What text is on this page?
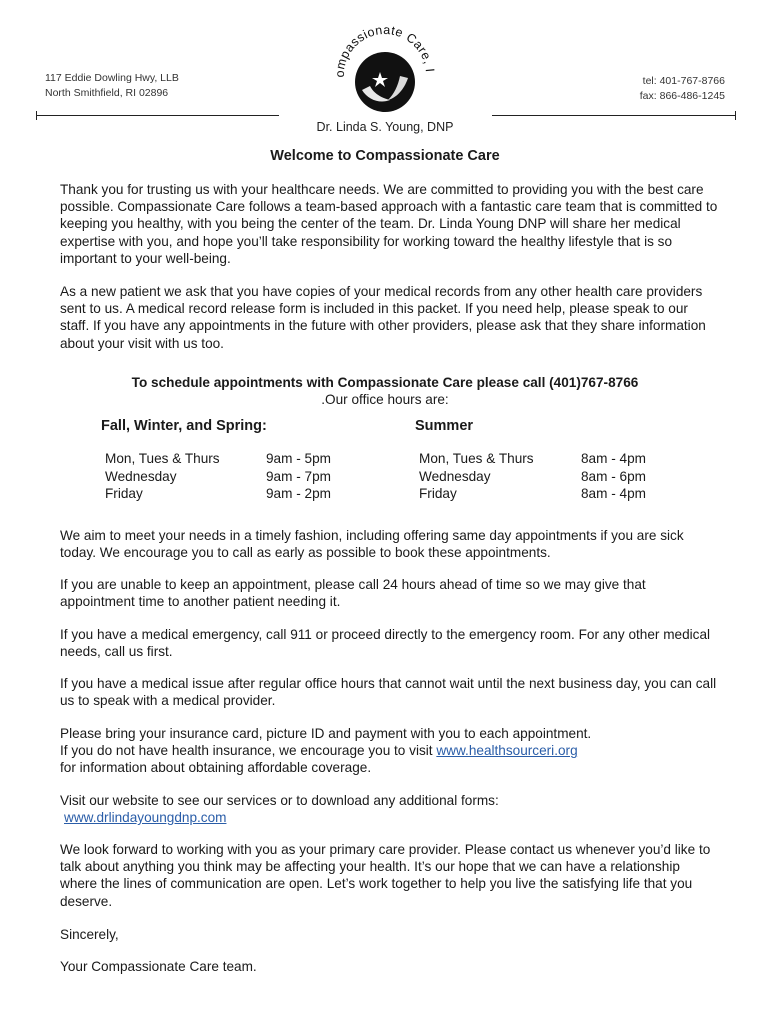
117 Eddie Dowling Hwy, LLB
North Smithfield, RI 02896
ompassionate Care, I
tel: 401-767-8766
fax: 866-486-1245
Dr. Linda S. Young, DNP
Welcome to Compassionate Care

Thank you for trusting us with your healthcare needs. We are committed to providing you with the best care possible. Compassionate Care follows a team-based approach with a fantastic care team that is committed to keeping you healthy, with you being the center of the team. Dr. Linda Young DNP will share her medical expertise with you, and hope you’ll take responsibility for working toward the healthy lifestyle that is so important to your well-being.

As a new patient we ask that you have copies of your medical records from any other health care providers sent to us. A medical record release form is included in this packet. If you need help, please speak to our staff. If you have any appointments in the future with other providers, please ask that they share information about your visit with us too.

To schedule appointments with Compassionate Care please call (401)767-8766
.Our office hours are:
Fall, Winter, and Spring:	Summer
Mon, Tues & Thurs	9am - 5pm
Wednesday	9am - 7pm
Friday	9am - 2pm
Mon, Tues & Thurs	8am - 4pm
Wednesday	8am - 6pm
Friday	8am - 4pm

We aim to meet your needs in a timely fashion, including offering same day appointments if you are sick today. We encourage you to call as early as possible to book these appointments.

If you are unable to keep an appointment, please call 24 hours ahead of time so we may give that appointment time to another patient needing it.

If you have a medical emergency, call 911 or proceed directly to the emergency room. For any other medical needs, call us first.

If you have a medical issue after regular office hours that cannot wait until the next business day, you can call us to speak with a medical provider.

Please bring your insurance card, picture ID and payment with you to each appointment.
If you do not have health insurance, we encourage you to visit www.healthsourceri.org
for information about obtaining affordable coverage.
Visit our website to see our services or to download any additional forms:
www.drlindayoungdnp.com

We look forward to working with you as your primary care provider. Please contact us whenever you’d like to talk about anything you think may be affecting your health. It’s our hope that we can have a relationship where the lines of communication are open. Let’s work together to help you live the satisfying life that you deserve.

Sincerely,

Your Compassionate Care team.
